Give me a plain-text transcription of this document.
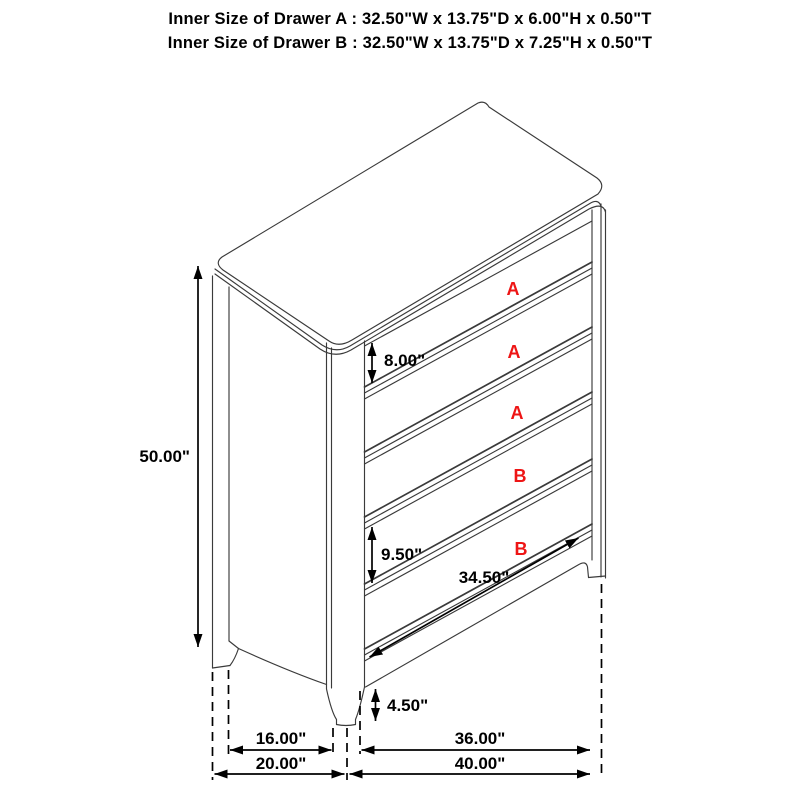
Inner Size of Drawer A : 32.50"W x 13.75"D x 6.00"H x 0.50"T
Inner Size of Drawer B : 32.50"W x 13.75"D x 7.25"H x 0.50"T
50.00"
8.00"
9.50"
34.50"
4.50"
16.00"	36.00"
20.00"	40.00"
A
A
A
B
B
